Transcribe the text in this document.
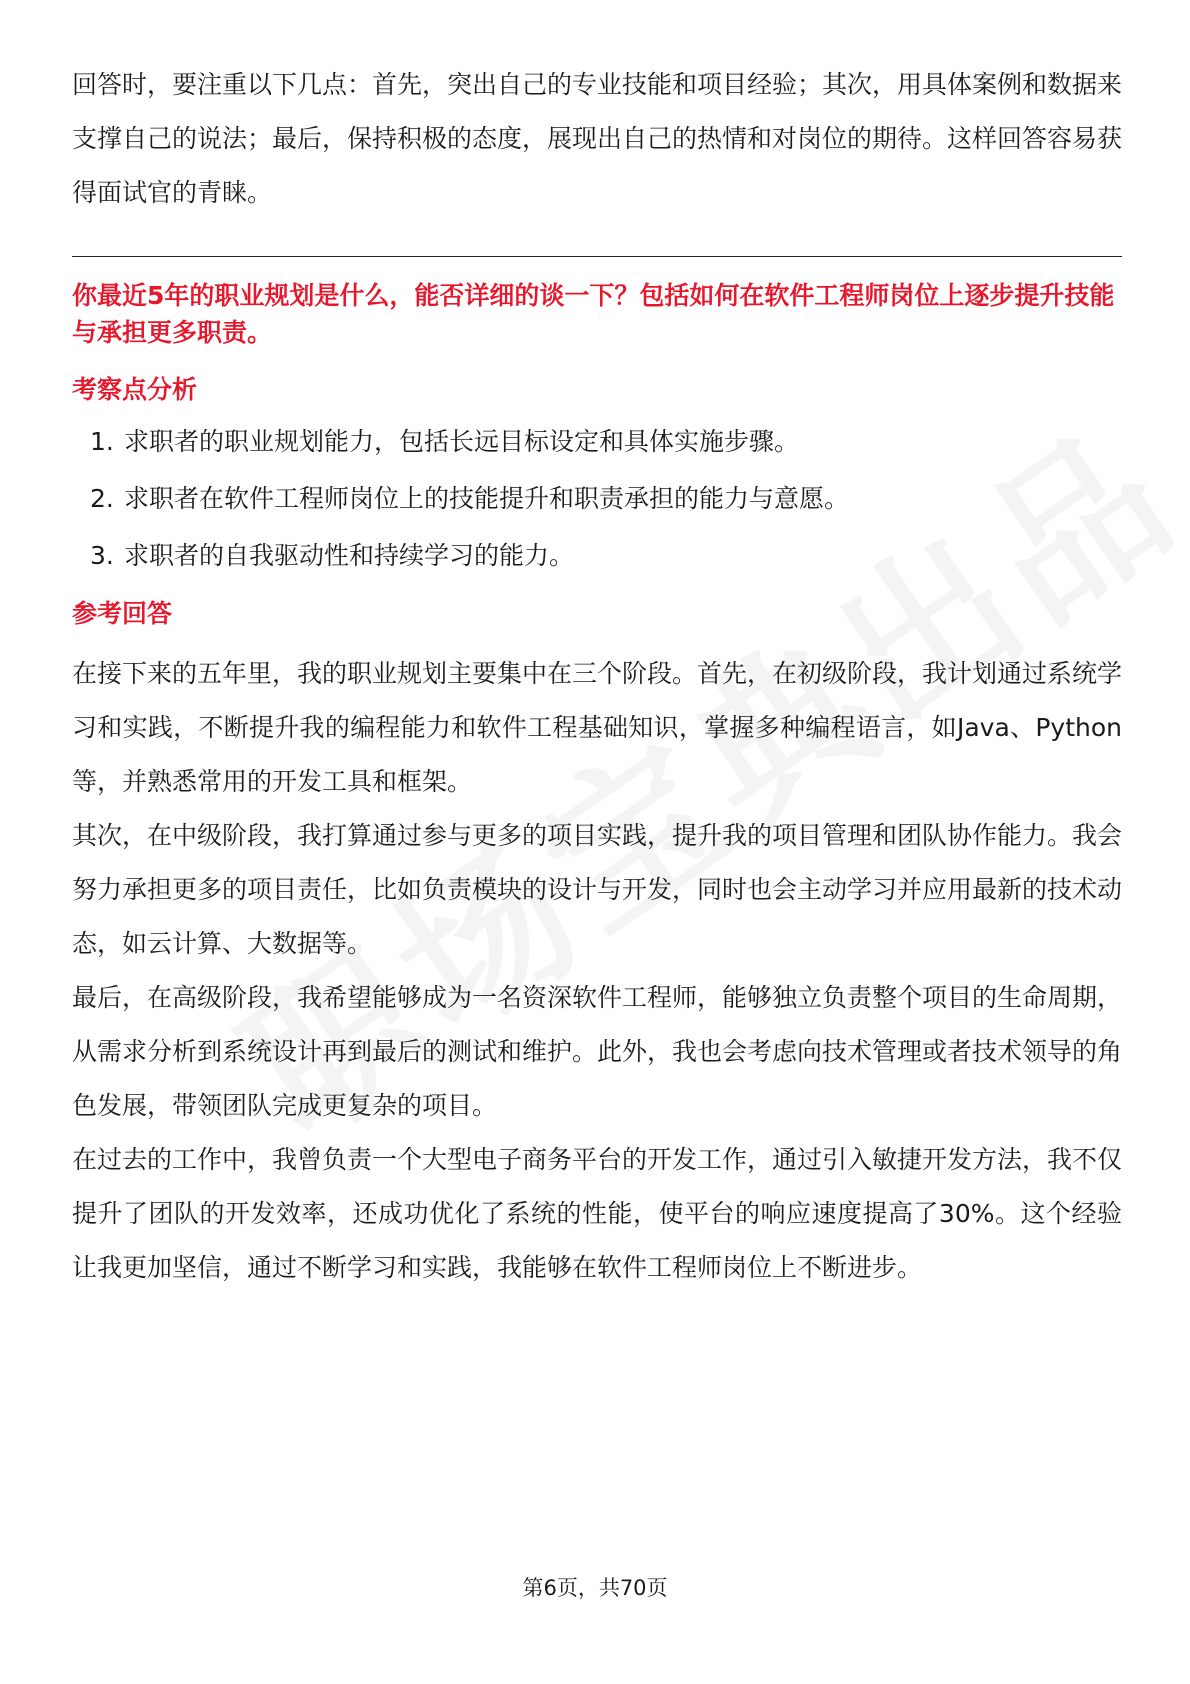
回答时，要注重以下几点：首先，突出自己的专业技能和项目经验；其次，用具体案例和数据来支撑自己的说法；最后，保持积极的态度，展现出自己的热情和对岗位的期待。这样回答容易获得面试官的青睐。

你最近5年的职业规划是什么，能否详细的谈一下？包括如何在软件工程师岗位上逐步提升技能与承担更多职责。

考察点分析
1. 求职者的职业规划能力，包括长远目标设定和具体实施步骤。
2. 求职者在软件工程师岗位上的技能提升和职责承担的能力与意愿。
3. 求职者的自我驱动性和持续学习的能力。
参考回答

在接下来的五年里，我的职业规划主要集中在三个阶段。首先，在初级阶段，我计划通过系统学习和实践，不断提升我的编程能力和软件工程基础知识，掌握多种编程语言，如Java、Python等，并熟悉常用的开发工具和框架。

其次，在中级阶段，我打算通过参与更多的项目实践，提升我的项目管理和团队协作能力。我会努力承担更多的项目责任，比如负责模块的设计与开发，同时也会主动学习并应用最新的技术动态，如云计算、大数据等。

最后，在高级阶段，我希望能够成为一名资深软件工程师，能够独立负责整个项目的生命周期，从需求分析到系统设计再到最后的测试和维护。此外，我也会考虑向技术管理或者技术领导的角色发展，带领团队完成更复杂的项目。

在过去的工作中，我曾负责一个大型电子商务平台的开发工作，通过引入敏捷开发方法，我不仅提升了团队的开发效率，还成功优化了系统的性能，使平台的响应速度提高了30%。这个经验让我更加坚信，通过不断学习和实践，我能够在软件工程师岗位上不断进步。

第6页，共70页
